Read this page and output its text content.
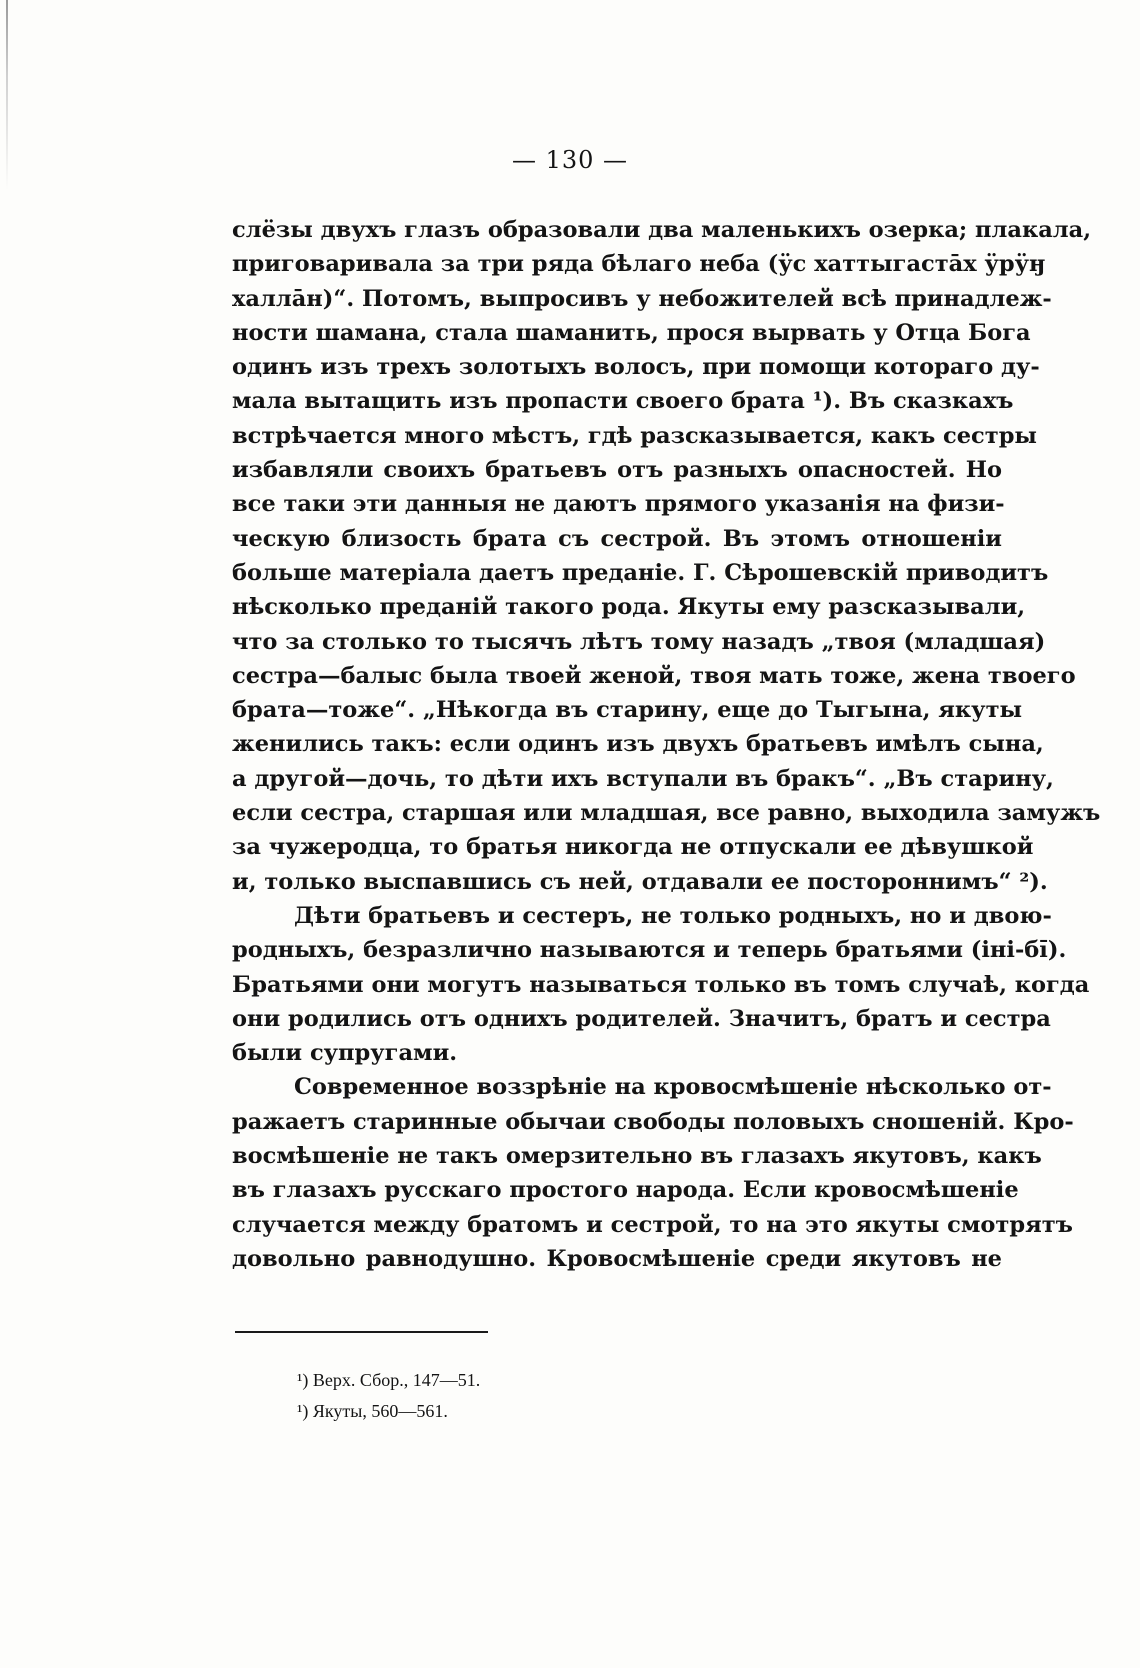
— 130 —
слёзы двухъ глазъ образовали два маленькихъ озерка; плакала,
приговаривала за три ряда бѣлаго неба (ӱс хаттыгастāх ӱрӱӈ
халлāн)“. Потомъ, выпросивъ у небожителей всѣ принадлеж-
ности шамана, стала шаманить, прося вырвать у Отца Бога
одинъ изъ трехъ золотыхъ волосъ, при помощи котораго ду-
мала вытащить изъ пропасти своего брата ¹). Въ сказкахъ
встрѣчается много мѣстъ, гдѣ разсказывается, какъ сестры
избавляли своихъ братьевъ отъ разныхъ опасностей. Но
все таки эти данныя не даютъ прямого указанія на физи-
ческую близость брата съ сестрой. Въ этомъ отношеніи
больше матеріала даетъ преданіе. Г. Сѣрошевскій приводитъ
нѣсколько преданій такого рода. Якуты ему разсказывали,
что за столько то тысячъ лѣтъ тому назадъ „твоя (младшая)
сестра—балыс была твоей женой, твоя мать тоже, жена твоего
брата—тоже“. „Нѣкогда въ старину, еще до Тыгына, якуты
женились такъ: если одинъ изъ двухъ братьевъ имѣлъ сына,
а другой—дочь, то дѣти ихъ вступали въ бракъ“. „Въ старину,
если сестра, старшая или младшая, все равно, выходила замужъ
за чужеродца, то братья никогда не отпускали ее дѣвушкой
и, только выспавшись съ ней, отдавали ее постороннимъ“ ²).
Дѣти братьевъ и сестеръ, не только родныхъ, но и двою-
родныхъ, безразлично называются и теперь братьями (іні-бі̄).
Братьями они могутъ называться только въ томъ случаѣ, когда
они родились отъ однихъ родителей. Значитъ, братъ и сестра
были супругами.
Современное воззрѣніе на кровосмѣшеніе нѣсколько от-
ражаетъ старинные обычаи свободы половыхъ сношеній. Кро-
восмѣшеніе не такъ омерзительно въ глазахъ якутовъ, какъ
въ глазахъ русскаго простого народа. Если кровосмѣшеніе
случается между братомъ и сестрой, то на это якуты смотрятъ
довольно равнодушно. Кровосмѣшеніе среди якутовъ не
¹) Верх. Сбор., 147—51.
¹) Якуты, 560—561.
